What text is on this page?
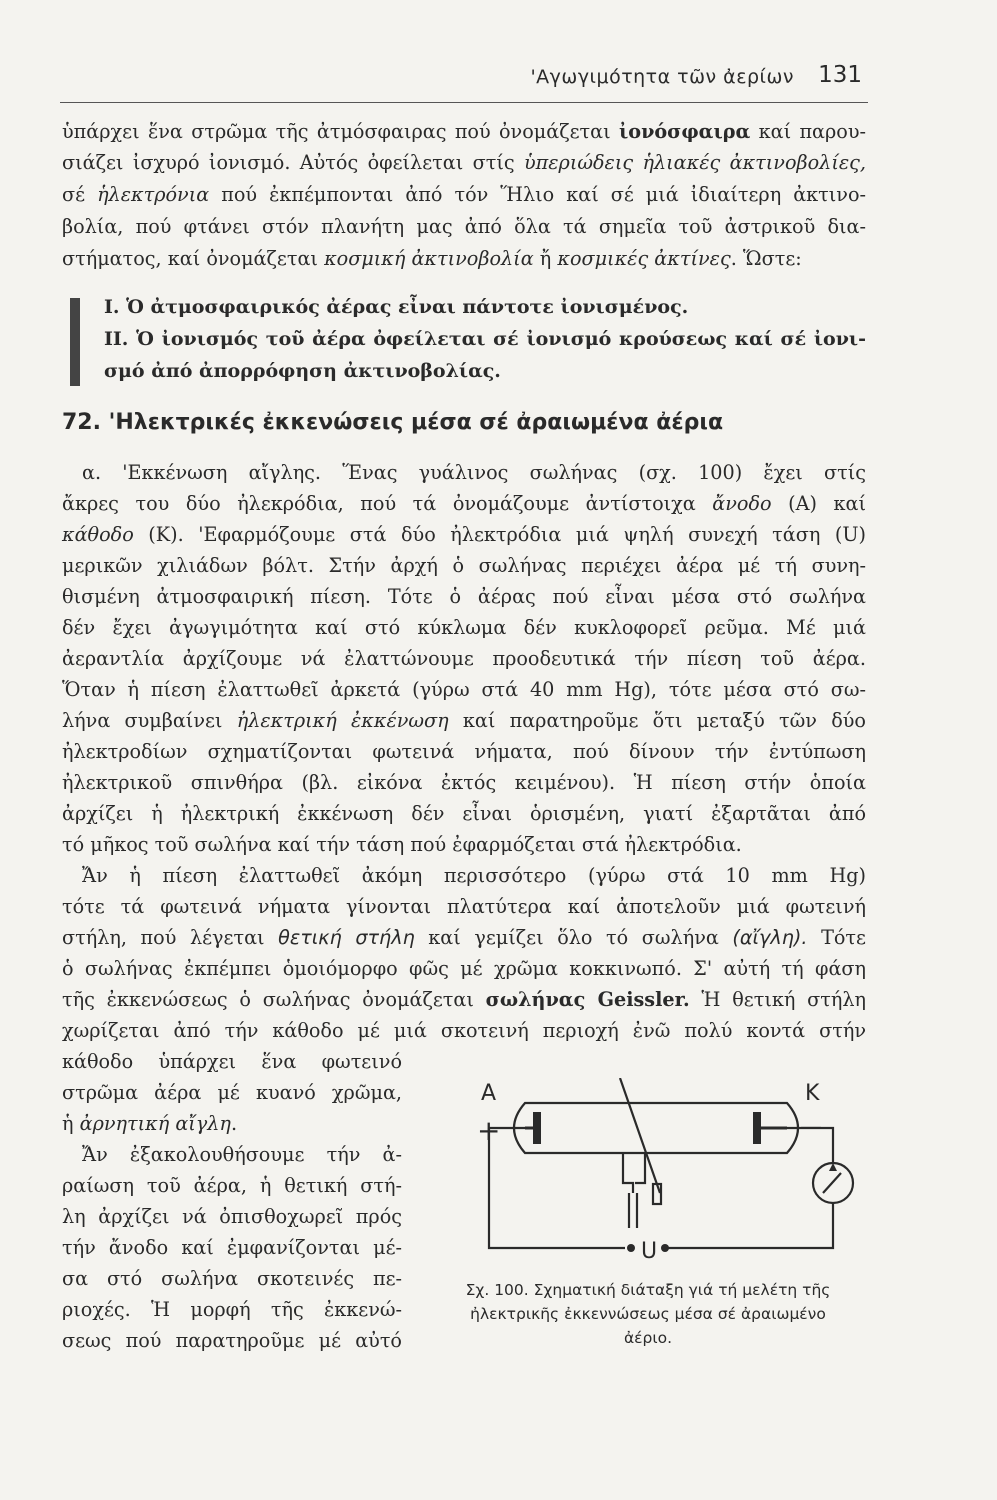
'Αγωγιμότητα τῶν ἀερίων 131
ὑπάρχει ἕνα στρῶμα τῆς ἀτμόσφαιρας πού ὀνομάζεται ἰονόσφαιρα καί παρου-
σιάζει ἰσχυρό ἰονισμό. Αὐτός ὀφείλεται στίς ὑπεριώδεις ἡλιακές ἀκτινοβολίες,
σέ ἡλεκτρόνια πού ἐκπέμπονται ἀπό τόν Ἥλιο καί σέ μιά ἰδιαίτερη ἀκτινο-
βολία, πού φτάνει στόν πλανήτη μας ἀπό ὅλα τά σημεῖα τοῦ ἀστρικοῦ δια-
στήματος, καί ὀνομάζεται κοσμική ἀκτινοβολία ἤ κοσμικές ἀκτίνες. Ὥστε:
I. Ὁ ἀτμοσφαιρικός ἀέρας εἶναι πάντοτε ἰονισμένος.
II. Ὁ ἰονισμός τοῦ ἀέρα ὀφείλεται σέ ἰονισμό κρούσεως καί σέ ἰονι-
σμό ἀπό ἀπορρόφηση ἀκτινοβολίας.
72. 'Ηλεκτρικές ἐκκενώσεις μέσα σέ ἀραιωμένα ἀέρια
α. 'Εκκένωση αἴγλης. Ἕνας γυάλινος σωλήνας (σχ. 100) ἔχει στίς
ἄκρες του δύο ἠλεκρόδια, πού τά ὀνομάζουμε ἀντίστοιχα ἄνοδο (A) καί
κάθοδο (K). 'Εφαρμόζουμε στά δύο ἠλεκτρόδια μιά ψηλή συνεχή τάση (U)
μερικῶν χιλιάδων βόλτ. Στήν ἀρχή ὁ σωλήνας περιέχει ἀέρα μέ τή συνη-
θισμένη ἀτμοσφαιρική πίεση. Τότε ὁ ἀέρας πού εἶναι μέσα στό σωλήνα
δέν ἔχει ἀγωγιμότητα καί στό κύκλωμα δέν κυκλοφορεῖ ρεῦμα. Μέ μιά
ἀεραντλία ἀρχίζουμε νά ἐλαττώνουμε προοδευτικά τήν πίεση τοῦ ἀέρα.
Ὅταν ἡ πίεση ἐλαττωθεῖ ἀρκετά (γύρω στά 40 mm Hg), τότε μέσα στό σω-
λήνα συμβαίνει ἠλεκτρική ἐκκένωση καί παρατηροῦμε ὅτι μεταξύ τῶν δύο
ἠλεκτροδίων σχηματίζονται φωτεινά νήματα, πού δίνουν τήν ἐντύπωση
ἠλεκτρικοῦ σπινθήρα (βλ. εἰκόνα ἐκτός κειμένου). Ἡ πίεση στήν ὁποία
ἀρχίζει ἡ ἠλεκτρική ἐκκένωση δέν εἶναι ὁρισμένη, γιατί ἐξαρτᾶται ἀπό
τό μῆκος τοῦ σωλήνα καί τήν τάση πού ἐφαρμόζεται στά ἠλεκτρόδια.
Ἄν ἡ πίεση ἐλαττωθεῖ ἀκόμη περισσότερο (γύρω στά 10 mm Hg)
τότε τά φωτεινά νήματα γίνονται πλατύτερα καί ἀποτελοῦν μιά φωτεινή
στήλη, πού λέγεται θετική στήλη καί γεμίζει ὅλο τό σωλήνα (αἴγλη). Τότε
ὁ σωλήνας ἐκπέμπει ὁμοιόμορφο φῶς μέ χρῶμα κοκκινωπό. Σ' αὐτή τή φάση
τῆς ἐκκενώσεως ὁ σωλήνας ὀνομάζεται σωλήνας Geissler. Ἡ θετική στήλη
χωρίζεται ἀπό τήν κάθοδο μέ μιά σκοτεινή περιοχή ἐνῶ πολύ κοντά στήν
κάθοδο ὑπάρχει ἕνα φωτεινό
στρῶμα ἀέρα μέ κυανό χρῶμα,
ἡ ἀρνητική αἴγλη.
Ἄν ἐξακολουθήσουμε τήν ἀ-
ραίωση τοῦ ἀέρα, ἡ θετική στή-
λη ἀρχίζει νά ὀπισθοχωρεῖ πρός
τήν ἄνοδο καί ἐμφανίζονται μέ-
σα στό σωλήνα σκοτεινές πε-
ριοχές. Ἡ μορφή τῆς ἐκκενώ-
σεως πού παρατηροῦμε μέ αὐτό
A
+
K
—
U
Σχ. 100. Σχηματική διάταξη γιά τή μελέτη τῆς
ἠλεκτρικῆς ἐκκεννώσεως μέσα σέ ἀραιωμένο
ἀέριο.
